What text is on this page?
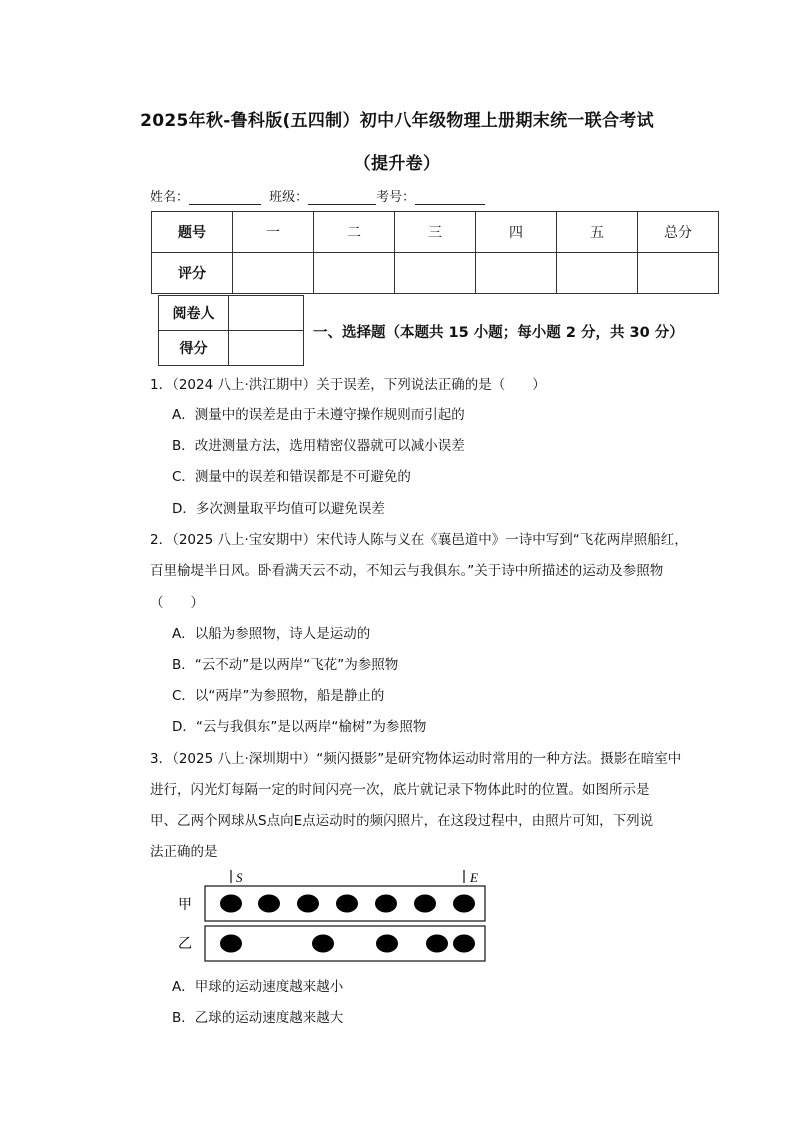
2025年秋-鲁科版(五四制）初中八年级物理上册期末统一联合考试
（提升卷）
姓名：	班级：	考号：
题号	一	二	三	四	五	总分
评分						
阅卷人	
得分	
一、选择题（本题共 15 小题；每小题 2 分，共 30 分）
1．（2024 八上·洪江期中）关于误差，下列说法正确的是（　　）
A．测量中的误差是由于未遵守操作规则而引起的
B．改进测量方法，选用精密仪器就可以减小误差
C．测量中的误差和错误都是不可避免的
D．多次测量取平均值可以避免误差
2．（2025 八上·宝安期中）宋代诗人陈与义在《襄邑道中》一诗中写到“飞花两岸照船红，
百里榆堤半日风。卧看满天云不动，不知云与我俱东。”关于诗中所描述的运动及参照物
（　　）
A．以船为参照物，诗人是运动的
B．“云不动”是以两岸“飞花”为参照物
C．以“两岸”为参照物，船是静止的
D．“云与我俱东”是以两岸“榆树”为参照物
3．（2025 八上·深圳期中）“频闪摄影”是研究物体运动时常用的一种方法。摄影在暗室中
进行，闪光灯每隔一定的时间闪亮一次，底片就记录下物体此时的位置。如图所示是
甲、乙两个网球从S点向E点运动时的频闪照片，在这段过程中，由照片可知，下列说
法正确的是
S	E
甲
乙
A．甲球的运动速度越来越小
B．乙球的运动速度越来越大
